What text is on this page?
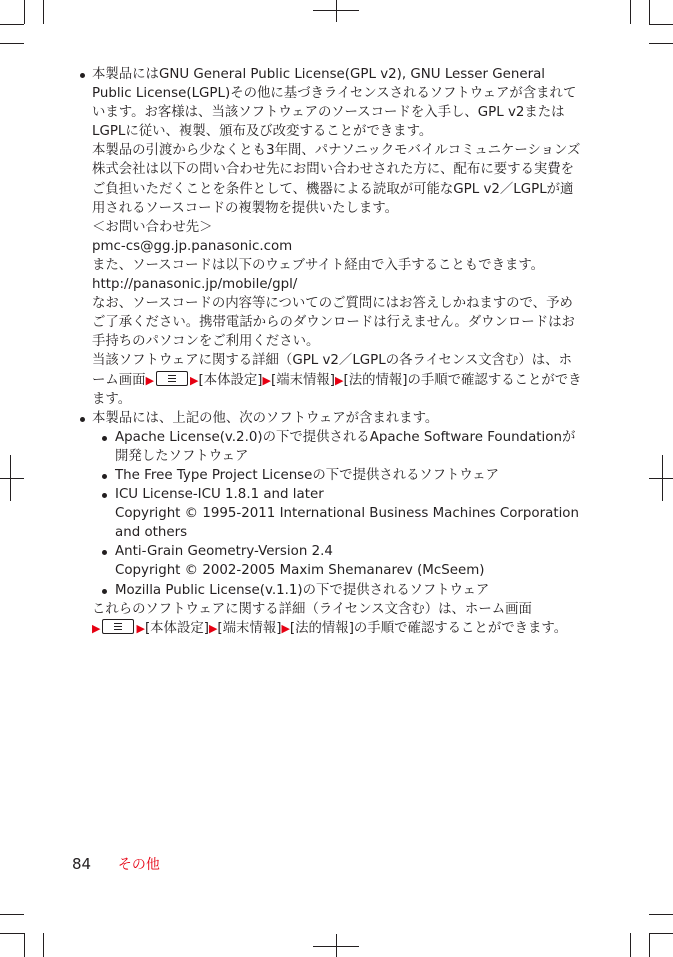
本製品にはGNU General Public License(GPL v2), GNU Lesser General Public License(LGPL)その他に基づきライセンスされるソフトウェアが含まれています。お客様は、当該ソフトウェアのソースコードを入手し、GPL v2またはLGPLに従い、複製、頒布及び改変することができます。
本製品の引渡から少なくとも3年間、パナソニックモバイルコミュニケーションズ株式会社は以下の問い合わせ先にお問い合わせされた方に、配布に要する実費をご負担いただくことを条件として、機器による読取が可能なGPL v2／LGPLが適用されるソースコードの複製物を提供いたします。
＜お問い合わせ先＞
pmc-cs@gg.jp.panasonic.com
また、ソースコードは以下のウェブサイト経由で入手することもできます。
http://panasonic.jp/mobile/gpl/
なお、ソースコードの内容等についてのご質問にはお答えしかねますので、予めご了承ください。携帯電話からのダウンロードは行えません。ダウンロードはお手持ちのパソコンをご利用ください。
当該ソフトウェアに関する詳細（GPL v2／LGPLの各ライセンス文含む）は、ホーム画面▶	▶[本体設定]▶[端末情報]▶[法的情報]の手順で確認することができます。
本製品には、上記の他、次のソフトウェアが含まれます。
Apache License(v.2.0)の下で提供されるApache Software Foundationが開発したソフトウェア
The Free Type Project Licenseの下で提供されるソフトウェア
ICU License-ICU 1.8.1 and later
Copyright © 1995-2011 International Business Machines Corporation and others
Anti-Grain Geometry-Version 2.4
Copyright © 2002-2005 Maxim Shemanarev (McSeem)
Mozilla Public License(v.1.1)の下で提供されるソフトウェア
これらのソフトウェアに関する詳細（ライセンス文含む）は、ホーム画面
▶	▶[本体設定]▶[端末情報]▶[法的情報]の手順で確認することができます。
84 その他
